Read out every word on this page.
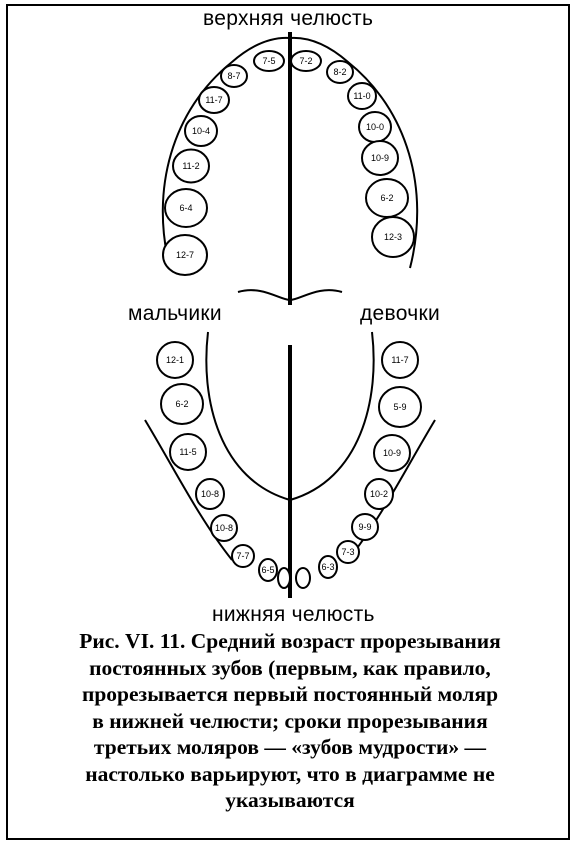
12-7
6-4
11-2
10-4
11-7
8-7
7-5	7-2
8-2
11-0
10-0
10-9
6-2
12-3
12-1
6-2
11-5
10-8
10-8
7-7
6-5
11-7
5-9
10-9
10-2
9-9
7-3
6-3
верхняя челюсть
мальчики	девочки
нижняя челюсть
Рис. VI. 11. Средний возраст прорезывания
постоянных зубов (первым, как правило,
прорезывается первый постоянный моляр
в нижней челюсти; сроки прорезывания
третьих моляров — «зубов мудрости» —
настолько варьируют, что в диаграмме не
указываются
